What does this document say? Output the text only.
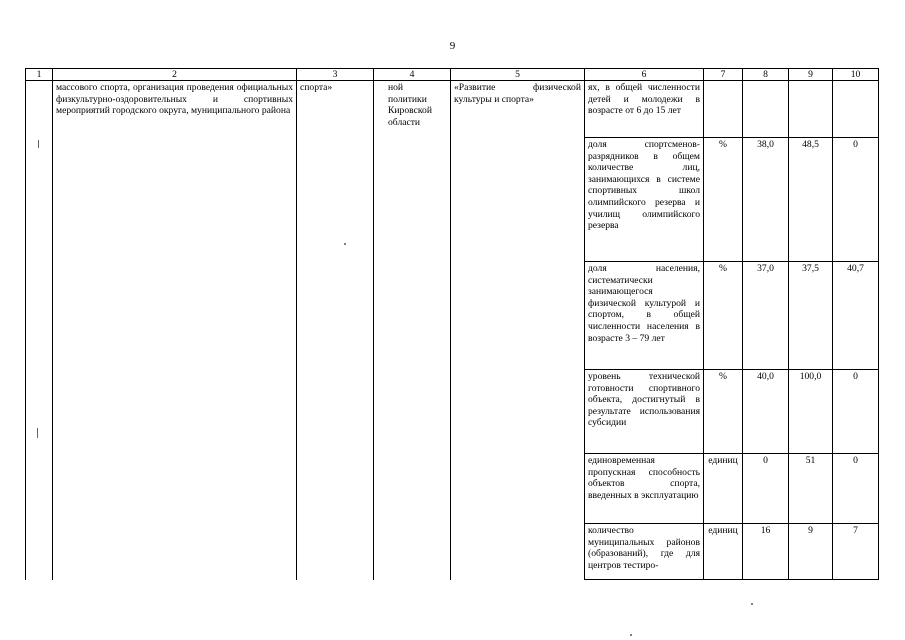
9
1	2	3	4	5	6	7	8	9	10
	массового спорта, организация проведения официальных физкультурно-оздоровительных и спортивных мероприятий городского округа, муниципального района	спорта»	ной политики Кировской области	«Развитие физической культуры и спорта»	ях, в общей численности детей и молодежи в возрасте от 6 до 15 лет				
					доля спортсменов-разрядников в общем количестве лиц, занимающихся в системе спортивных школ олимпийского резерва и училищ олимпийского резерва	%	38,0	48,5	0
					доля населения, систематически занимающегося физической культурой и спортом, в общей численности населения в возрасте 3 – 79 лет	%	37,0	37,5	40,7
					уровень технической готовности спортивного объекта, достигнутый в результате использования субсидии	%	40,0	100,0	0
					единовременная пропускная способность объектов спорта, введенных в эксплуатацию	единиц	0	51	0
					количество муниципальных районов (образований), где для центров тестиро-	единиц	16	9	7
